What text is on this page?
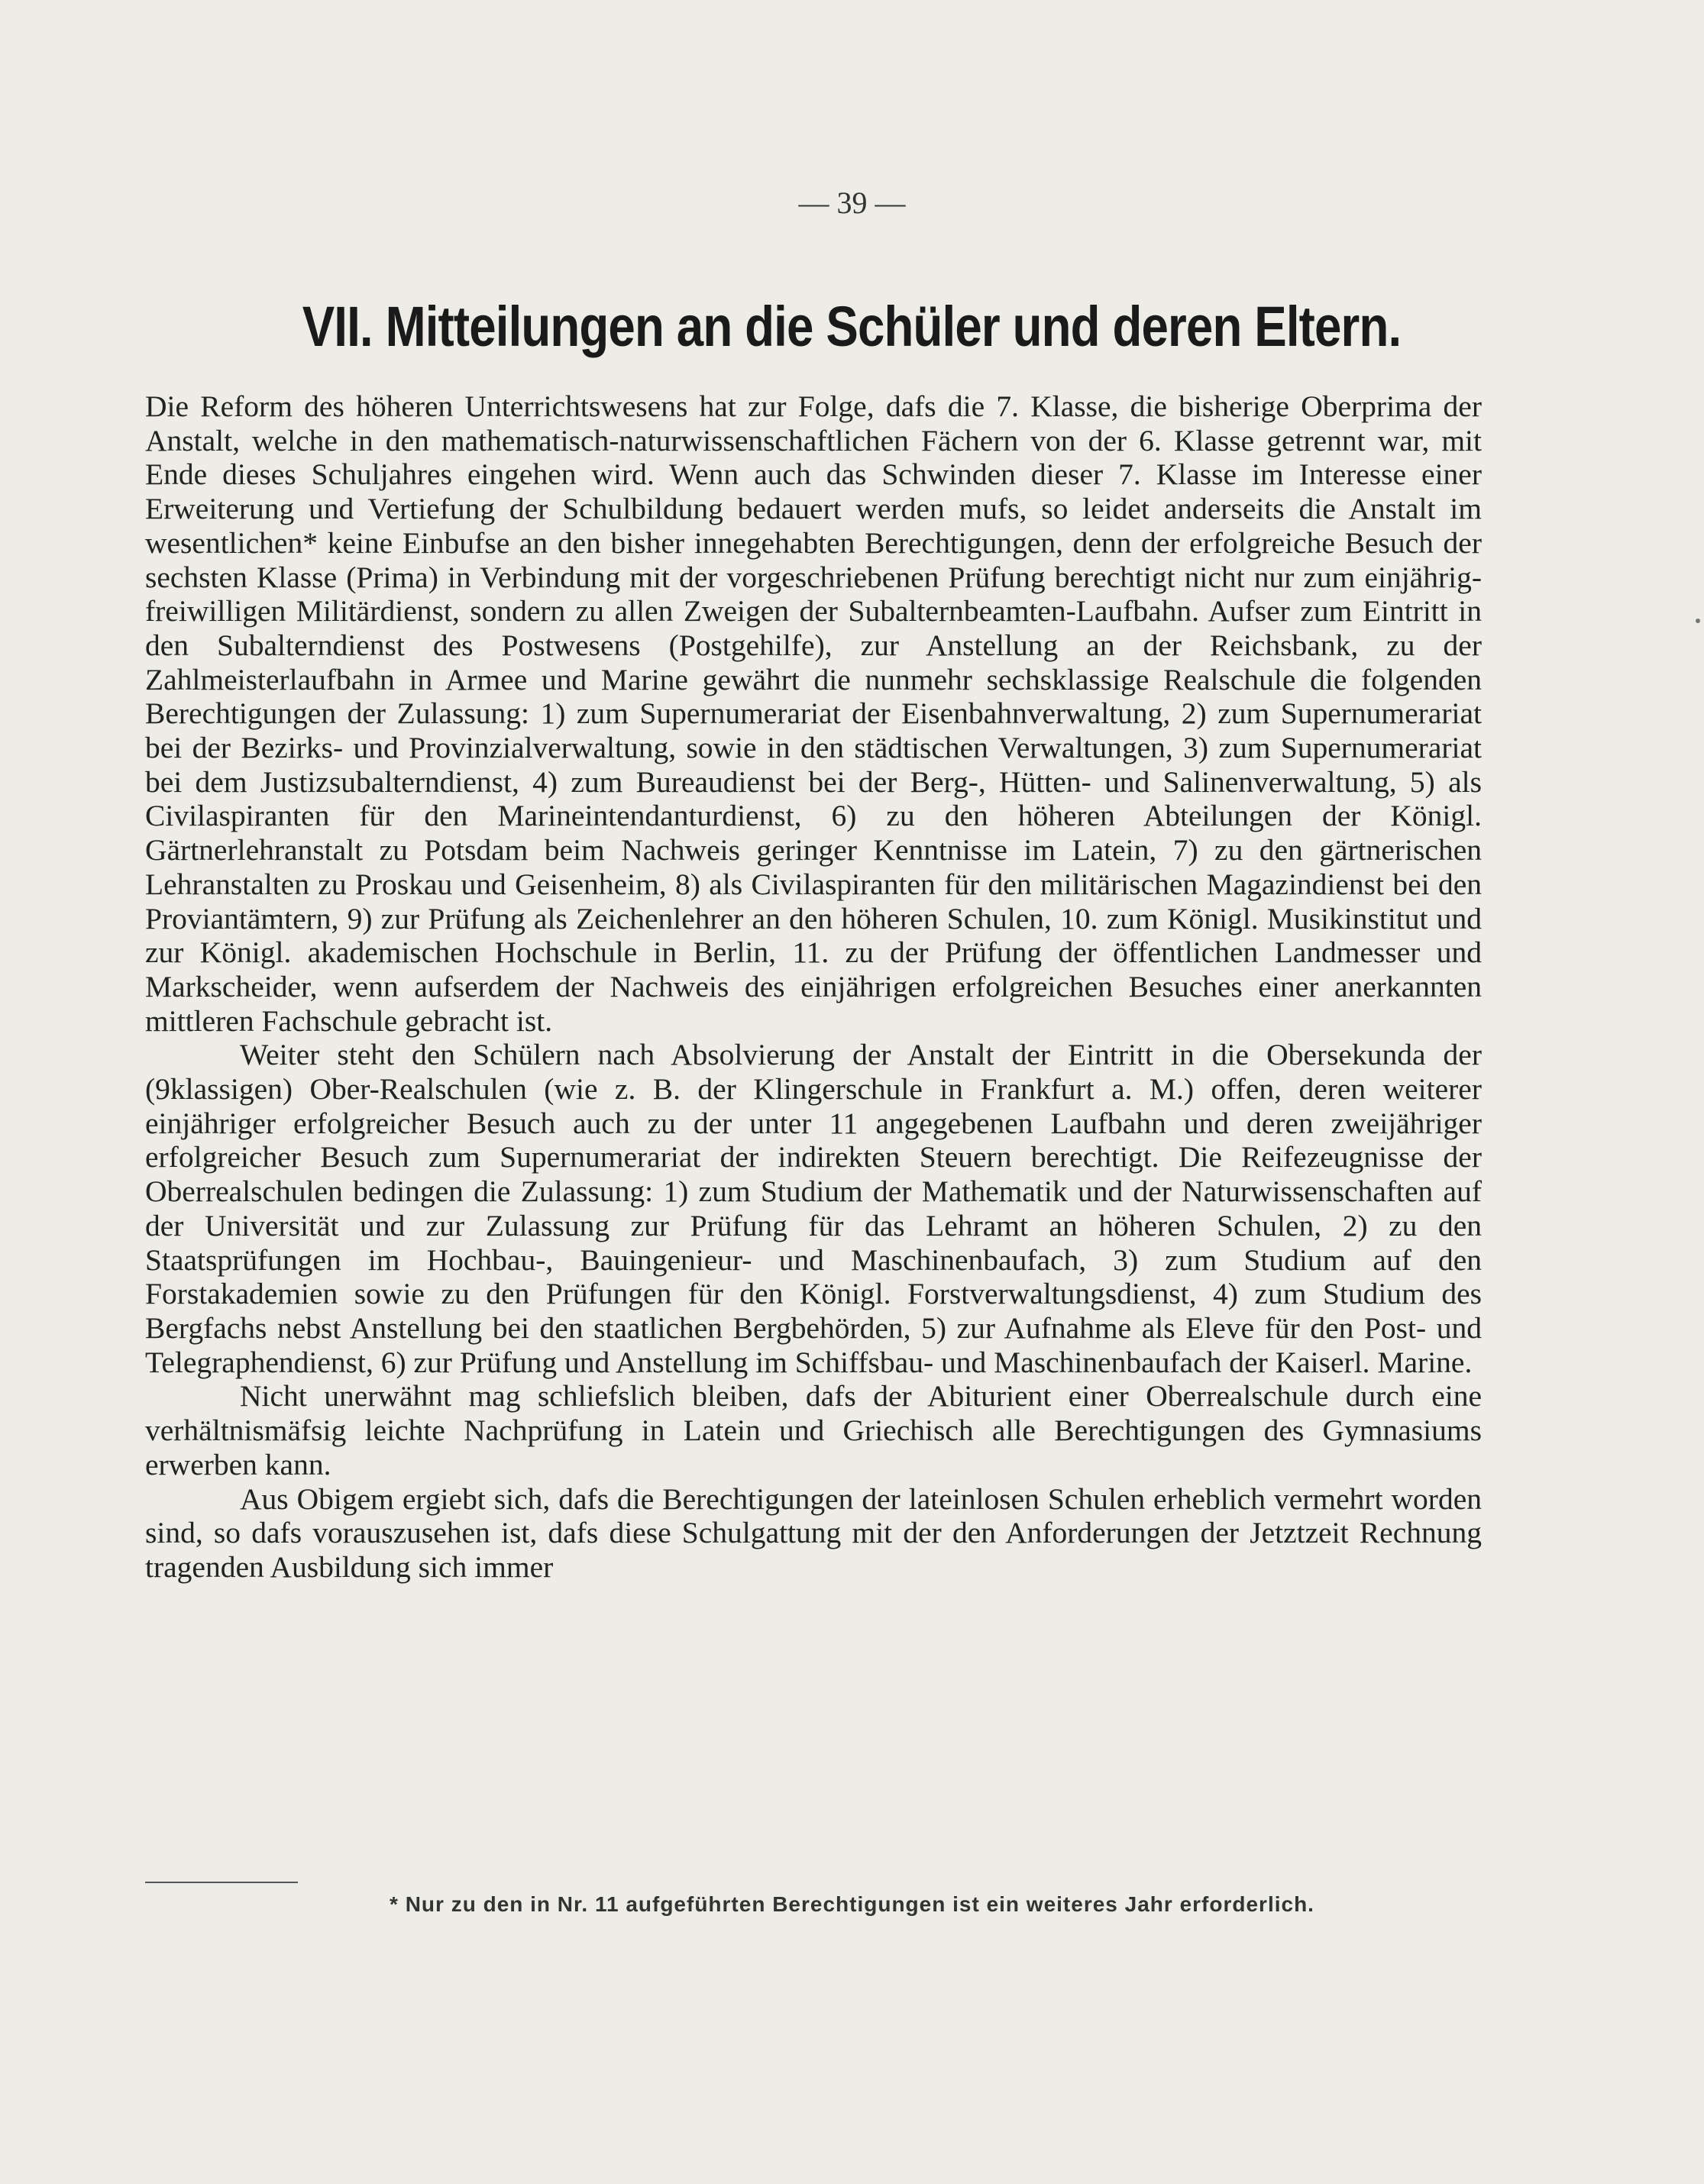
— 39 —
VII. Mitteilungen an die Schüler und deren Eltern.

Die Reform des höheren Unterrichtswesens hat zur Folge, dafs die 7. Klasse, die bisherige Oberprima der Anstalt, welche in den mathematisch-naturwissenschaftlichen Fächern von der 6. Klasse getrennt war, mit Ende dieses Schuljahres eingehen wird. Wenn auch das Schwinden dieser 7. Klasse im Interesse einer Erweiterung und Vertiefung der Schulbildung bedauert werden mufs, so leidet anderseits die Anstalt im wesentlichen* keine Einbufse an den bisher innegehabten Berechtigungen, denn der erfolgreiche Besuch der sechsten Klasse (Prima) in Verbindung mit der vorgeschriebenen Prüfung berechtigt nicht nur zum einjährig-freiwilligen Militärdienst, sondern zu allen Zweigen der Subalternbeamten-Laufbahn. Aufser zum Eintritt in den Subalterndienst des Postwesens (Postgehilfe), zur Anstellung an der Reichsbank, zu der Zahlmeisterlaufbahn in Armee und Marine gewährt die nunmehr sechsklassige Realschule die folgenden Berechtigungen der Zulassung: 1) zum Supernumerariat der Eisenbahnverwaltung, 2) zum Supernumerariat bei der Bezirks- und Provinzialverwaltung, sowie in den städtischen Verwaltungen, 3) zum Supernumerariat bei dem Justizsubalterndienst, 4) zum Bureaudienst bei der Berg-, Hütten- und Salinenverwaltung, 5) als Civilaspiranten für den Marineintendanturdienst, 6) zu den höheren Abteilungen der Königl. Gärtnerlehranstalt zu Potsdam beim Nachweis geringer Kenntnisse im Latein, 7) zu den gärtnerischen Lehranstalten zu Proskau und Geisenheim, 8) als Civilaspiranten für den militärischen Magazindienst bei den Proviantämtern, 9) zur Prüfung als Zeichenlehrer an den höheren Schulen, 10. zum Königl. Musikinstitut und zur Königl. akademischen Hochschule in Berlin, 11. zu der Prüfung der öffentlichen Landmesser und Markscheider, wenn aufserdem der Nachweis des einjährigen erfolgreichen Besuches einer anerkannten mittleren Fachschule gebracht ist.

Weiter steht den Schülern nach Absolvierung der Anstalt der Eintritt in die Obersekunda der (9klassigen) Ober-Realschulen (wie z. B. der Klingerschule in Frankfurt a. M.) offen, deren weiterer einjähriger erfolgreicher Besuch auch zu der unter 11 angegebenen Laufbahn und deren zweijähriger erfolgreicher Besuch zum Supernumerariat der indirekten Steuern berechtigt. Die Reifezeugnisse der Oberrealschulen bedingen die Zulassung: 1) zum Studium der Mathematik und der Naturwissenschaften auf der Universität und zur Zulassung zur Prüfung für das Lehramt an höheren Schulen, 2) zu den Staatsprüfungen im Hochbau-, Bauingenieur- und Maschinenbaufach, 3) zum Studium auf den Forstakademien sowie zu den Prüfungen für den Königl. Forstverwaltungsdienst, 4) zum Studium des Bergfachs nebst Anstellung bei den staatlichen Bergbehörden, 5) zur Aufnahme als Eleve für den Post- und Telegraphendienst, 6) zur Prüfung und Anstellung im Schiffsbau- und Maschinenbaufach der Kaiserl. Marine.

Nicht unerwähnt mag schliefslich bleiben, dafs der Abiturient einer Oberrealschule durch eine verhältnismäfsig leichte Nachprüfung in Latein und Griechisch alle Berechtigungen des Gymnasiums erwerben kann.

Aus Obigem ergiebt sich, dafs die Berechtigungen der lateinlosen Schulen erheblich vermehrt worden sind, so dafs vorauszusehen ist, dafs diese Schulgattung mit der den Anforderungen der Jetztzeit Rechnung tragenden Ausbildung sich immer

* Nur zu den in Nr. 11 aufgeführten Berechtigungen ist ein weiteres Jahr erforderlich.
